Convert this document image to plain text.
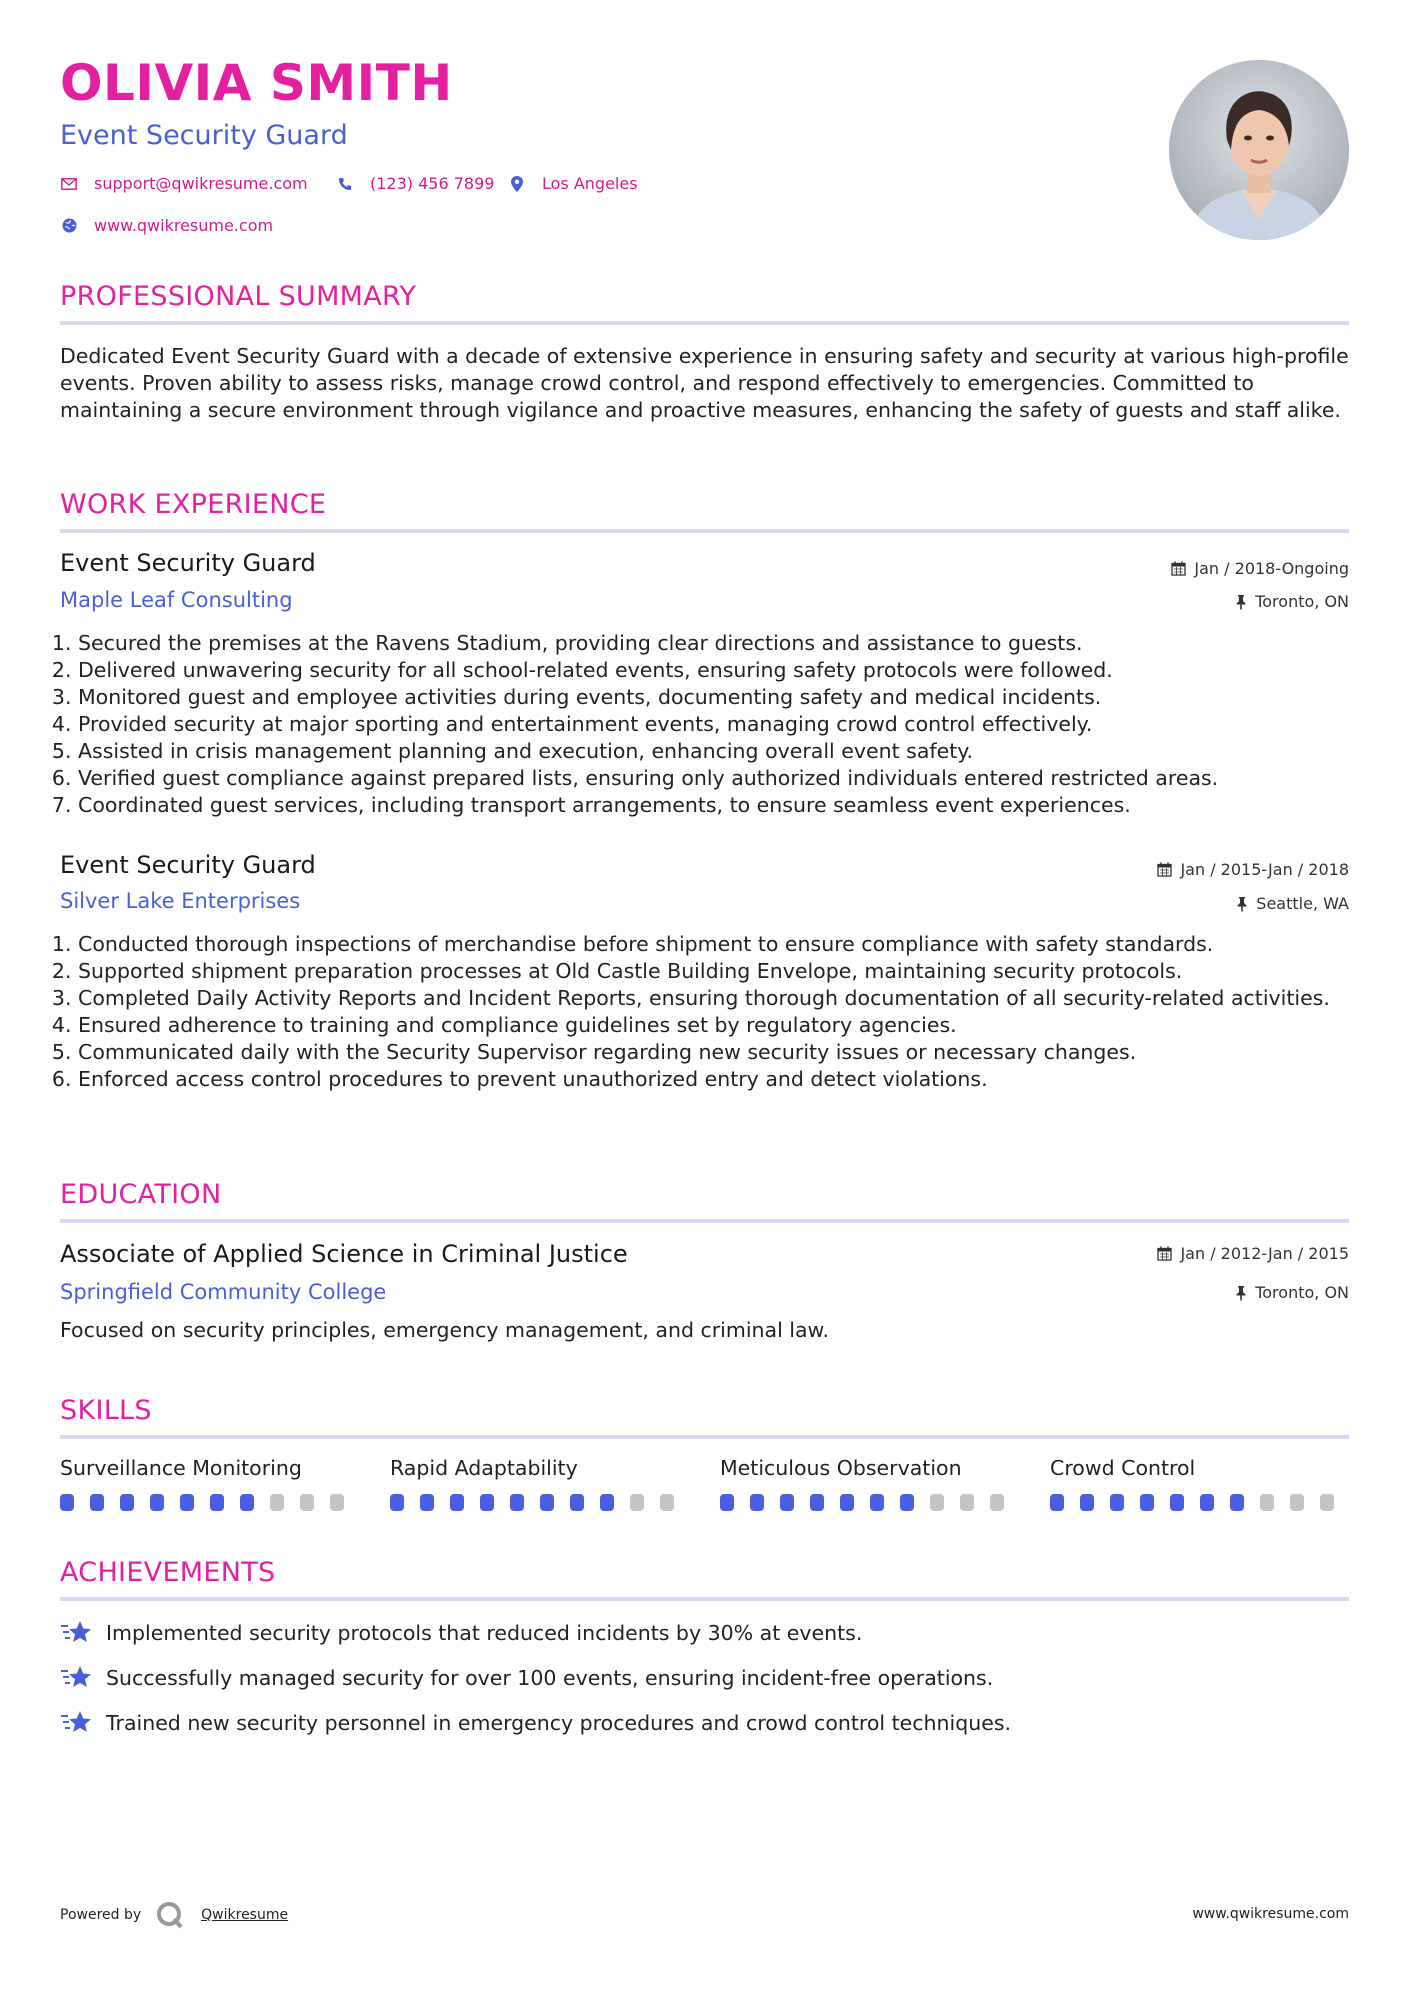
OLIVIA SMITH
Event Security Guard
support@qwikresume.com	(123) 456 7899	Los Angeles
www.qwikresume.com
PROFESSIONAL SUMMARY
Dedicated Event Security Guard with a decade of extensive experience in ensuring safety and security at various high-profile events. Proven ability to assess risks, manage crowd control, and respond effectively to emergencies. Committed to maintaining a secure environment through vigilance and proactive measures, enhancing the safety of guests and staff alike.
WORK EXPERIENCE
Event Security Guard
Maple Leaf Consulting
Jan / 2018-Ongoing
Toronto, ON
1. Secured the premises at the Ravens Stadium, providing clear directions and assistance to guests.
2. Delivered unwavering security for all school-related events, ensuring safety protocols were followed.
3. Monitored guest and employee activities during events, documenting safety and medical incidents.
4. Provided security at major sporting and entertainment events, managing crowd control effectively.
5. Assisted in crisis management planning and execution, enhancing overall event safety.
6. Verified guest compliance against prepared lists, ensuring only authorized individuals entered restricted areas.
7. Coordinated guest services, including transport arrangements, to ensure seamless event experiences.
Event Security Guard
Silver Lake Enterprises
Jan / 2015-Jan / 2018
Seattle, WA
1. Conducted thorough inspections of merchandise before shipment to ensure compliance with safety standards.
2. Supported shipment preparation processes at Old Castle Building Envelope, maintaining security protocols.
3. Completed Daily Activity Reports and Incident Reports, ensuring thorough documentation of all security-related activities.
4. Ensured adherence to training and compliance guidelines set by regulatory agencies.
5. Communicated daily with the Security Supervisor regarding new security issues or necessary changes.
6. Enforced access control procedures to prevent unauthorized entry and detect violations.
EDUCATION
Associate of Applied Science in Criminal Justice
Springfield Community College
Jan / 2012-Jan / 2015
Toronto, ON
Focused on security principles, emergency management, and criminal law.
SKILLS
Surveillance Monitoring	Rapid Adaptability	Meticulous Observation	Crowd Control
ACHIEVEMENTS
Implemented security protocols that reduced incidents by 30% at events.
Successfully managed security for over 100 events, ensuring incident-free operations.
Trained new security personnel in emergency procedures and crowd control techniques.
Powered by	Qwikresume	www.qwikresume.com
